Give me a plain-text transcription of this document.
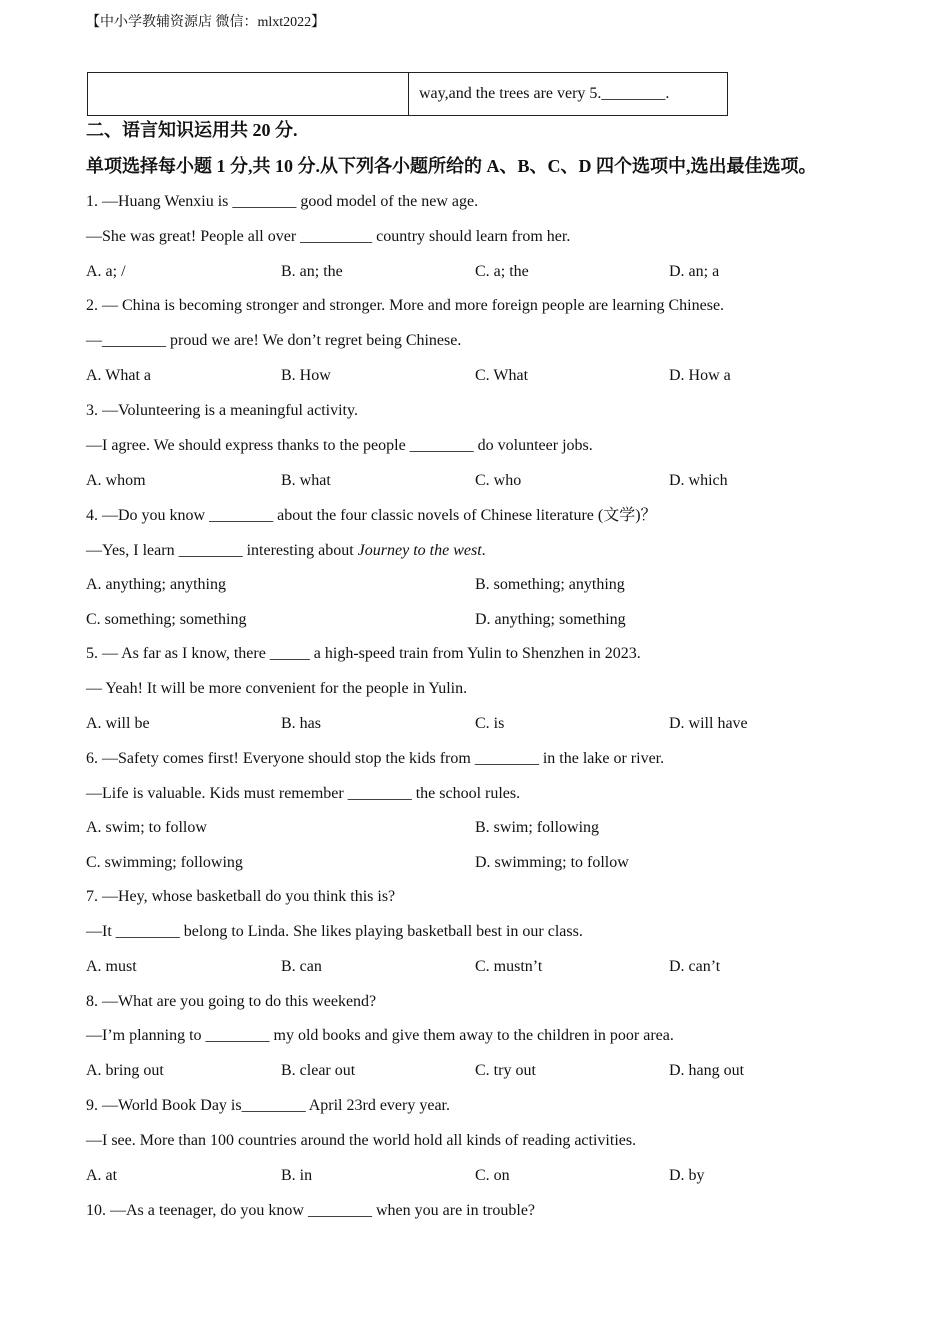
【中小学教辅资源店 微信：mlxt2022】
	way,and the trees are very 5.________.
二、语言知识运用共 20 分.
单项选择每小题 1 分,共 10 分.从下列各小题所给的 A、B、C、D 四个选项中,选出最佳选项。
1. —Huang Wenxiu is ________ good model of the new age.
—She was great! People all over _________ country should learn from her.
A. a; /	B. an; the	C. a; the	D. an; a
2. — China is becoming stronger and stronger. More and more foreign people are learning Chinese.
—________ proud we are! We don’t regret being Chinese.
A. What a	B. How	C. What	D. How a
3. —Volunteering is a meaningful activity.
—I agree. We should express thanks to the people ________ do volunteer jobs.
A. whom	B. what	C. who	D. which
4. —Do you know ________ about the four classic novels of Chinese literature (文学)？
—Yes, I learn ________ interesting about Journey to the west.
A. anything; anything	B. something; anything
C. something; something	D. anything; something
5. — As far as I know, there _____ a high-speed train from Yulin to Shenzhen in 2023.
— Yeah! It will be more convenient for the people in Yulin.
A. will be	B. has	C. is	D. will have
6. —Safety comes first! Everyone should stop the kids from ________ in the lake or river.
—Life is valuable. Kids must remember ________ the school rules.
A. swim; to follow	B. swim; following
C. swimming; following	D. swimming; to follow
7. —Hey, whose basketball do you think this is?
—It ________ belong to Linda. She likes playing basketball best in our class.
A. must	B. can	C. mustn’t	D. can’t
8. —What are you going to do this weekend?
—I’m planning to ________ my old books and give them away to the children in poor area.
A. bring out	B. clear out	C. try out	D. hang out
9. —World Book Day is________ April 23rd every year.
—I see. More than 100 countries around the world hold all kinds of reading activities.
A. at	B. in	C. on	D. by
10. —As a teenager, do you know ________ when you are in trouble?
